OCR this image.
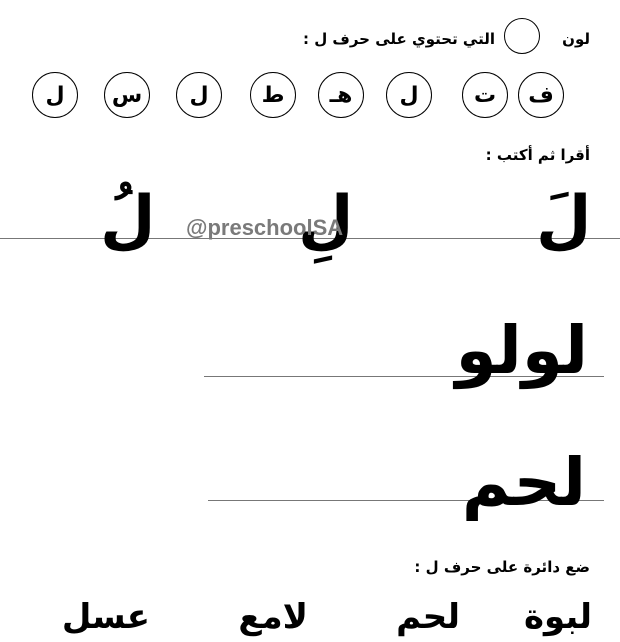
لون
التي تحتوي على حرف ل :
ف
ت
ل
هـ
ط
ل
س
ل
أقرا ثم أكتب :
لَ
لِ
لُ @preschoolSA
لولو
لحم
ضع دائرة على حرف ل :
لبوة
لحم
لامع
عسل
